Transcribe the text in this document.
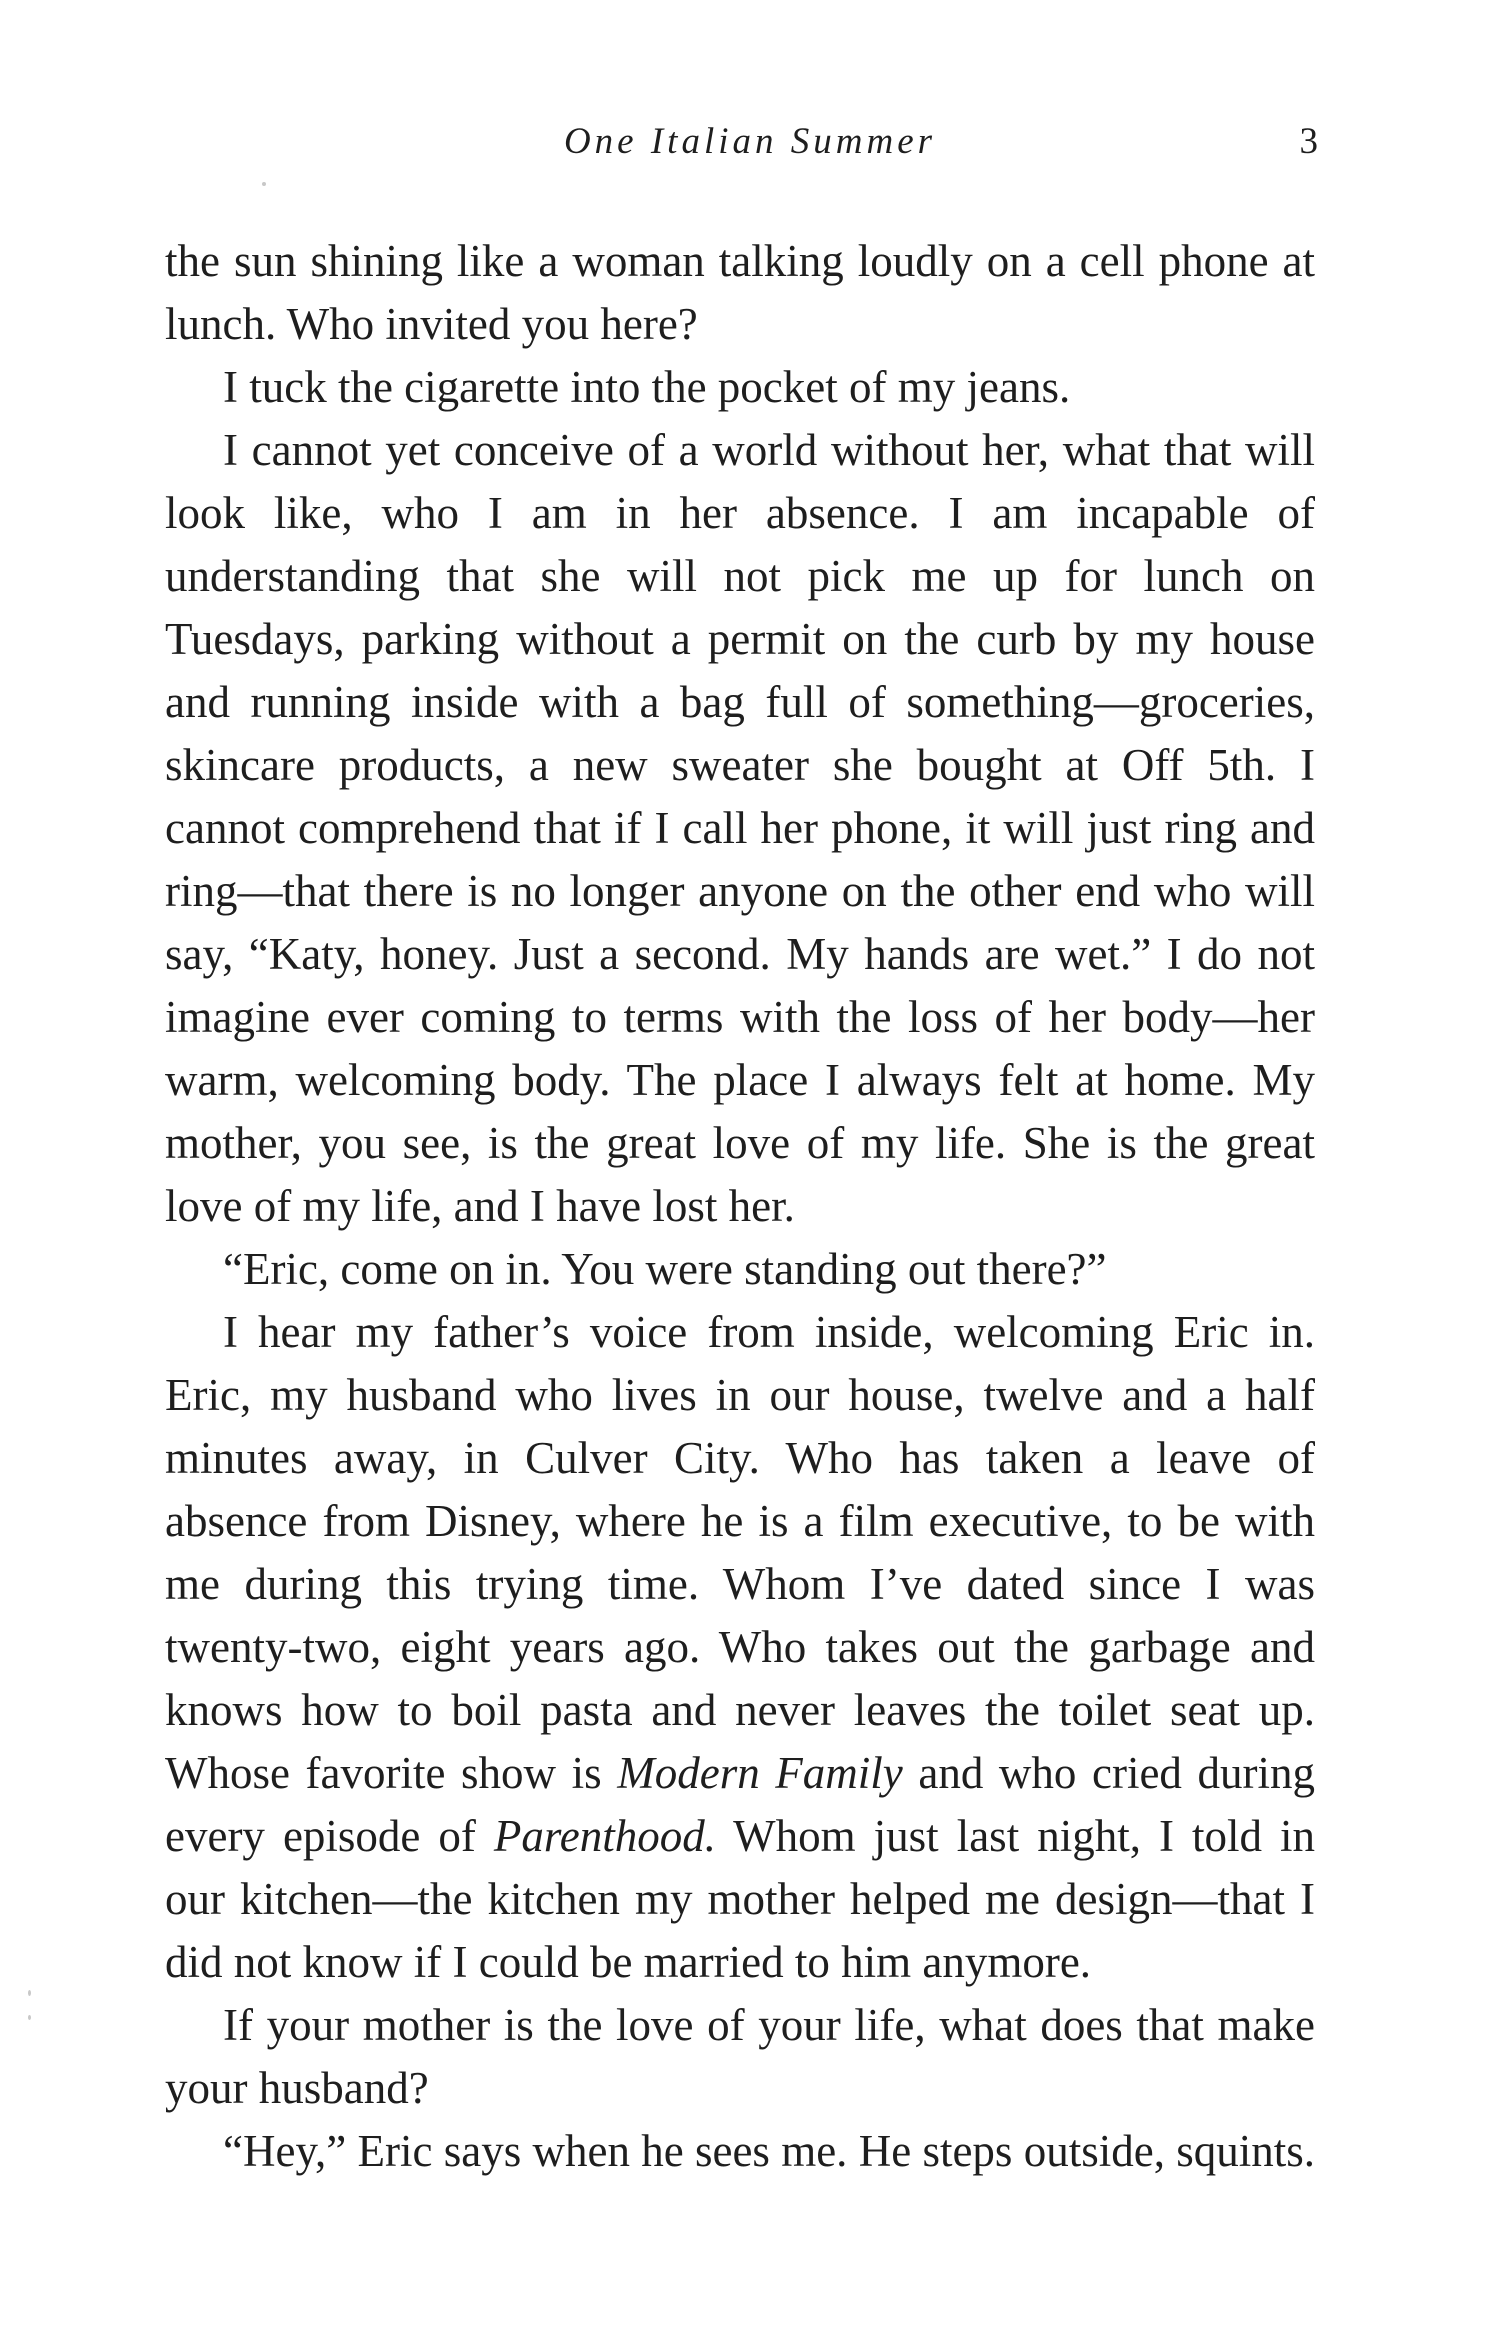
One Italian Summer	3

the sun shining like a woman talking loudly on a cell phone at lunch. Who invited you here?

I tuck the cigarette into the pocket of my jeans.

I cannot yet conceive of a world without her, what that will look like, who I am in her absence. I am incapable of understanding that she will not pick me up for lunch on Tuesdays, parking without a permit on the curb by my house and running inside with a bag full of something—groceries, skincare products, a new sweater she bought at Off 5th. I cannot comprehend that if I call her phone, it will just ring and ring—that there is no longer anyone on the other end who will say, “Katy, honey. Just a second. My hands are wet.” I do not imagine ever coming to terms with the loss of her body—her warm, welcoming body. The place I always felt at home. My mother, you see, is the great love of my life. She is the great love of my life, and I have lost her.

“Eric, come on in. You were standing out there?”

I hear my father’s voice from inside, welcoming Eric in. Eric, my husband who lives in our house, twelve and a half minutes away, in Culver City. Who has taken a leave of absence from Disney, where he is a film executive, to be with me during this trying time. Whom I’ve dated since I was twenty-two, eight years ago. Who takes out the garbage and knows how to boil pasta and never leaves the toilet seat up. Whose favorite show is Modern Family and who cried during every episode of Parenthood. Whom just last night, I told in our kitchen—the kitchen my mother helped me design—that I did not know if I could be married to him anymore.

If your mother is the love of your life, what does that make your husband?

“Hey,” Eric says when he sees me. He steps outside, squints.
